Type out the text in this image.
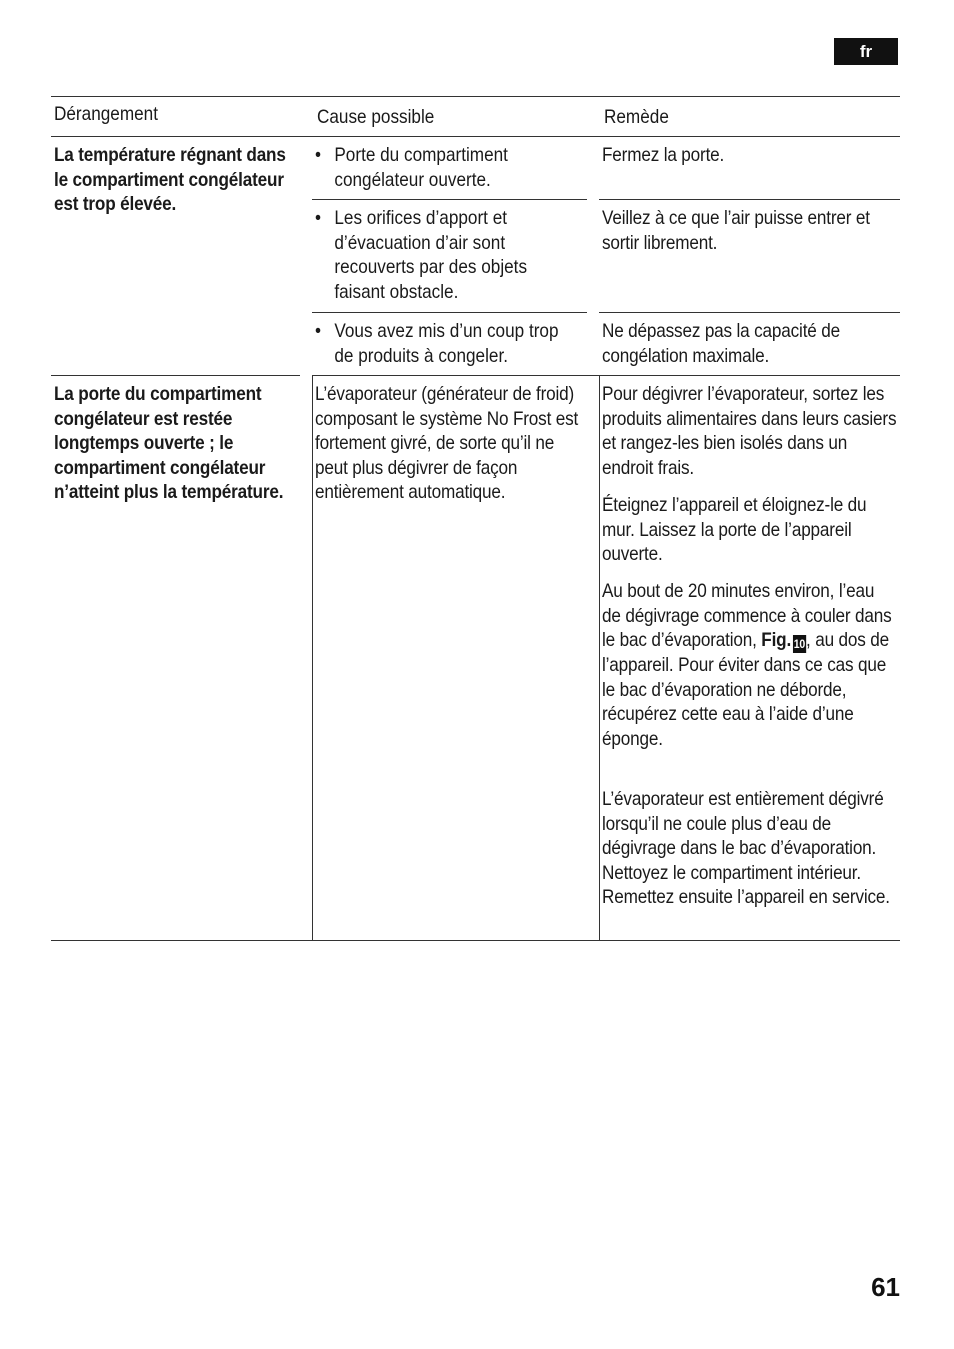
fr
Dérangement	Cause possible	Remède
La température régnant dans le compartiment congélateur est trop élevée.
• Porte du compartiment congélateur ouverte.
Fermez la porte.
• Les orifices d’apport et d’évacuation d’air sont recouverts par des objets faisant obstacle.
Veillez à ce que l’air puisse entrer et sortir librement.
• Vous avez mis d’un coup trop de produits à congeler.
Ne dépassez pas la capacité de congélation maximale.
La porte du compartiment congélateur est restée longtemps ouverte ; le compartiment congélateur n’atteint plus la température.
L’évaporateur (générateur de froid) composant le système No Frost est fortement givré, de sorte qu’il ne peut plus dégivrer de façon entièrement automatique.
Pour dégivrer l’évaporateur, sortez les produits alimentaires dans leurs casiers et rangez-les bien isolés dans un endroit frais.
Éteignez l’appareil et éloignez-le du mur. Laissez la porte de l’appareil ouverte.
Au bout de 20 minutes environ, l’eau de dégivrage commence à couler dans le bac d’évaporation, Fig. 10, au dos de l’appareil. Pour éviter dans ce cas que le bac d’évaporation ne déborde, récupérez cette eau à l’aide d’une éponge.
L’évaporateur est entièrement dégivré lorsqu’il ne coule plus d’eau de dégivrage dans le bac d’évaporation. Nettoyez le compartiment intérieur. Remettez ensuite l’appareil en service.
61
